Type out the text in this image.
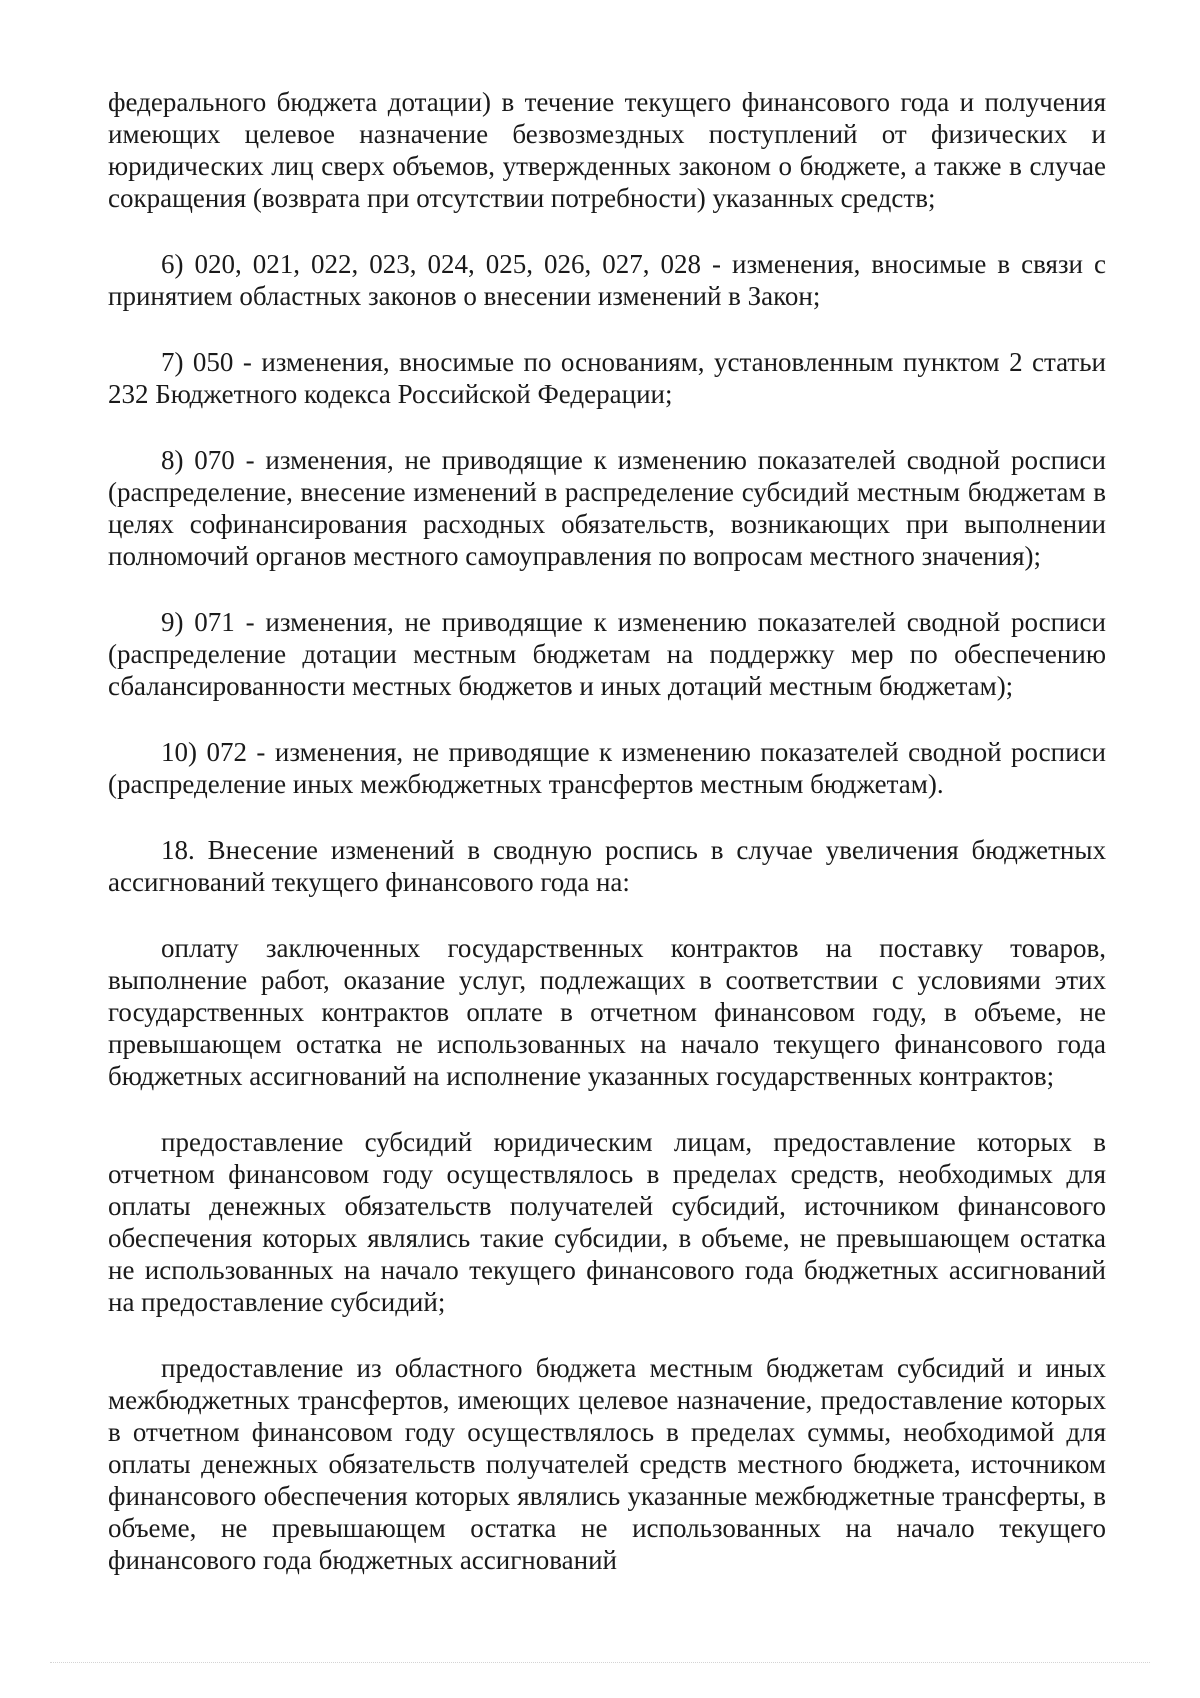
федерального бюджета дотации) в течение текущего финансового года и получения имеющих целевое назначение безвозмездных поступлений от физических и юридических лиц сверх объемов, утвержденных законом о бюджете, а также в случае сокращения (возврата при отсутствии потребности) указанных средств;

6) 020, 021, 022, 023, 024, 025, 026, 027, 028 - изменения, вносимые в связи с принятием областных законов о внесении изменений в Закон;

7) 050 - изменения, вносимые по основаниям, установленным пунктом 2 статьи 232 Бюджетного кодекса Российской Федерации;

8) 070 - изменения, не приводящие к изменению показателей сводной росписи (распределение, внесение изменений в распределение субсидий местным бюджетам в целях софинансирования расходных обязательств, возникающих при выполнении полномочий органов местного самоуправления по вопросам местного значения);

9) 071 - изменения, не приводящие к изменению показателей сводной росписи (распределение дотации местным бюджетам на поддержку мер по обеспечению сбалансированности местных бюджетов и иных дотаций местным бюджетам);

10) 072 - изменения, не приводящие к изменению показателей сводной росписи (распределение иных межбюджетных трансфертов местным бюджетам).

18. Внесение изменений в сводную роспись в случае увеличения бюджетных ассигнований текущего финансового года на:

оплату заключенных государственных контрактов на поставку товаров, выполнение работ, оказание услуг, подлежащих в соответствии с условиями этих государственных контрактов оплате в отчетном финансовом году, в объеме, не превышающем остатка не использованных на начало текущего финансового года бюджетных ассигнований на исполнение указанных государственных контрактов;

предоставление субсидий юридическим лицам, предоставление которых в отчетном финансовом году осуществлялось в пределах средств, необходимых для оплаты денежных обязательств получателей субсидий, источником финансового обеспечения которых являлись такие субсидии, в объеме, не превышающем остатка не использованных на начало текущего финансового года бюджетных ассигнований на предоставление субсидий;

предоставление из областного бюджета местным бюджетам субсидий и иных межбюджетных трансфертов, имеющих целевое назначение, предоставление которых в отчетном финансовом году осуществлялось в пределах суммы, необходимой для оплаты денежных обязательств получателей средств местного бюджета, источником финансового обеспечения которых являлись указанные межбюджетные трансферты, в объеме, не превышающем остатка не использованных на начало текущего финансового года бюджетных ассигнований
